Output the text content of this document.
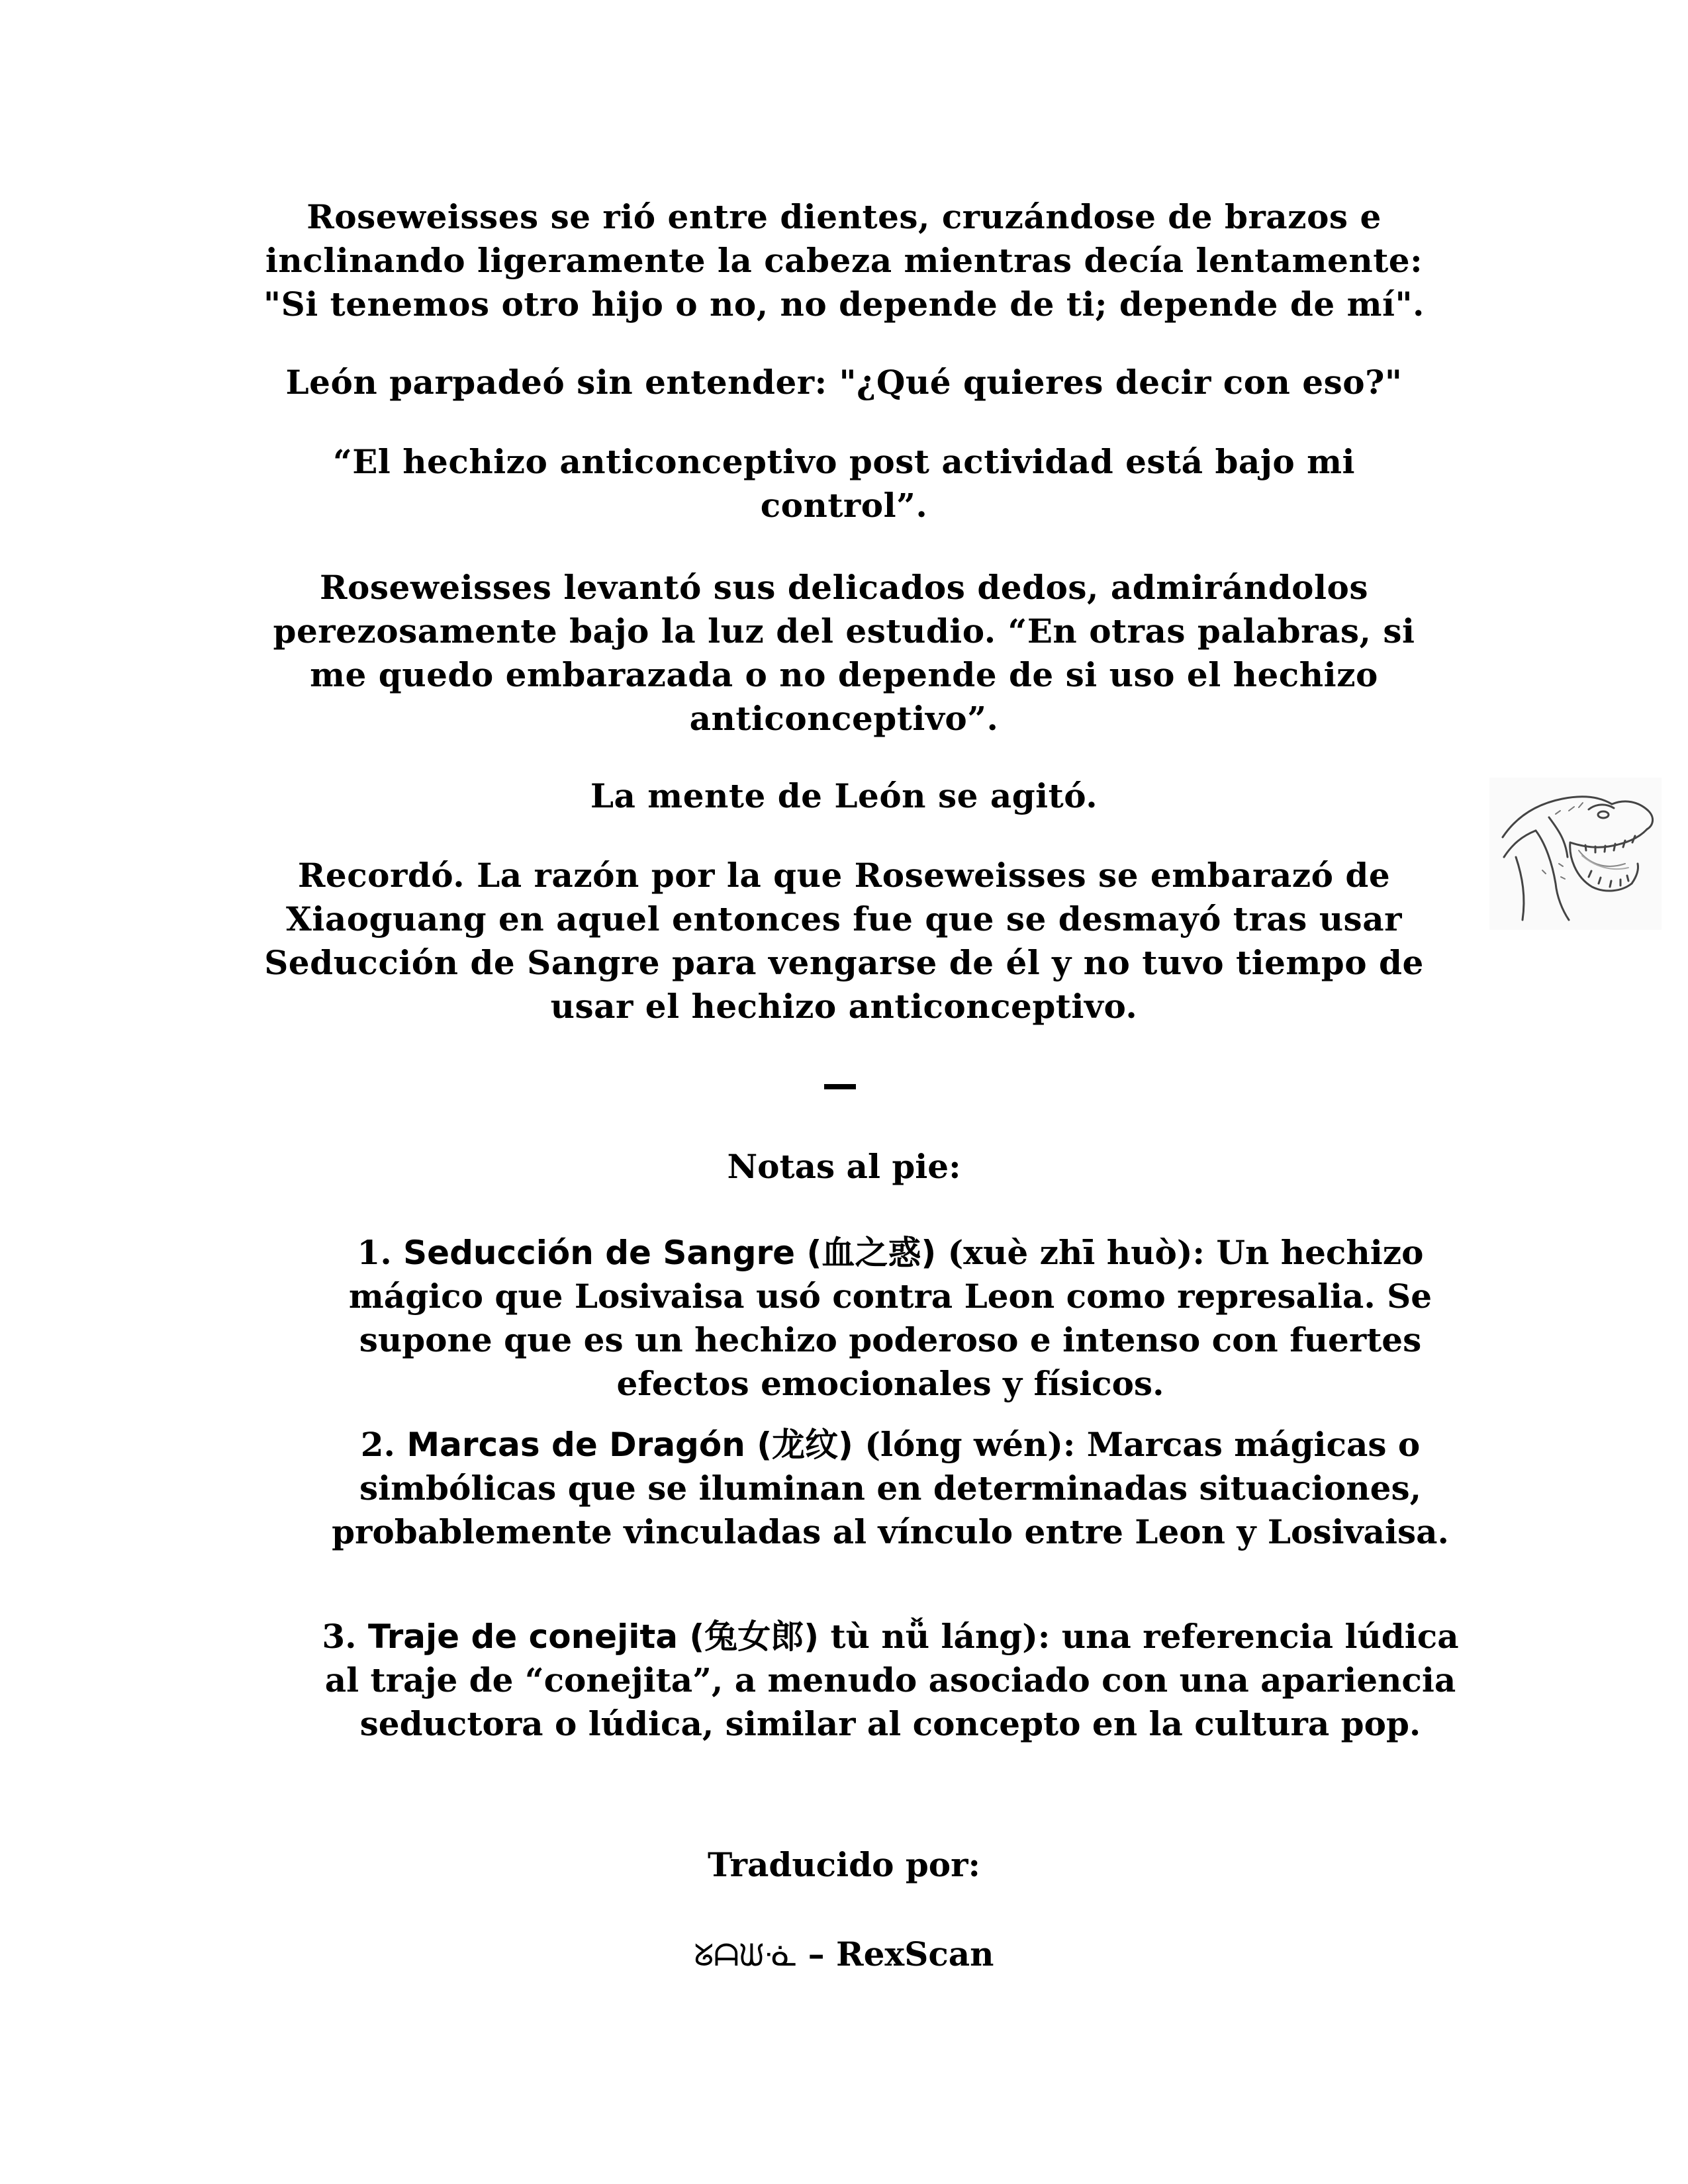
Roseweisses se rió entre dientes, cruzándose de brazos e inclinando ligeramente la cabeza mientras decía lentamente: "Si tenemos otro hijo o no, no depende de ti; depende de mí".

León parpadeó sin entender: "¿Qué quieres decir con eso?"

“El hechizo anticonceptivo post actividad está bajo mi control”.

Roseweisses levantó sus delicados dedos, admirándolos perezosamente bajo la luz del estudio. “En otras palabras, si me quedo embarazada o no depende de si uso el hechizo anticonceptivo”.

La mente de León se agitó.

Recordó. La razón por la que Roseweisses se embarazó de Xiaoguang en aquel entonces fue que se desmayó tras usar Seducción de Sangre para vengarse de él y no tuvo tiempo de usar el hechizo anticonceptivo.

Notas al pie:

1. Seducción de Sangre (血之惑) (xuè zhī huò): Un hechizo mágico que Losivaisa usó contra Leon como represalia. Se supone que es un hechizo poderoso e intenso con fuertes efectos emocionales y físicos.

2. Marcas de Dragón (龙纹) (lóng wén): Marcas mágicas o simbólicas que se iluminan en determinadas situaciones, probablemente vinculadas al vínculo entre Leon y Losivaisa.

3. Traje de conejita (兔女郎) tù nǚ láng): una referencia lúdica al traje de “conejita”, a menudo asociado con una apariencia seductora o lúdica, similar al concepto en la cultura pop.

Traducido por:

ᘜᗩᙎᓍ – RexScan
